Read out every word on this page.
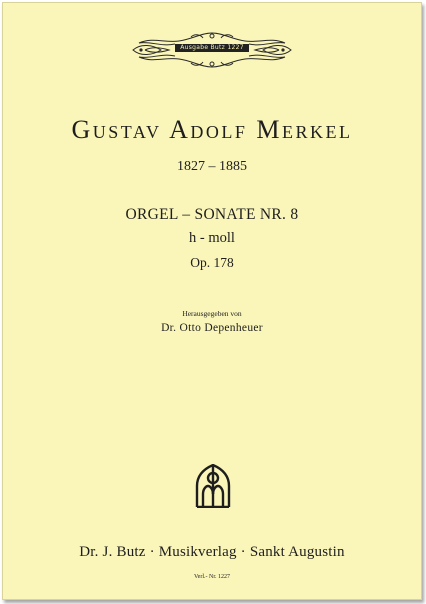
Ausgabe Butz 1227
Gustav Adolf Merkel
1827 – 1885
ORGEL – SONATE NR. 8
h - moll
Op. 178
Herausgegeben von
Dr. Otto Depenheuer
Dr. J. Butz · Musikverlag · Sankt Augustin
Verl.- Nr. 1227
